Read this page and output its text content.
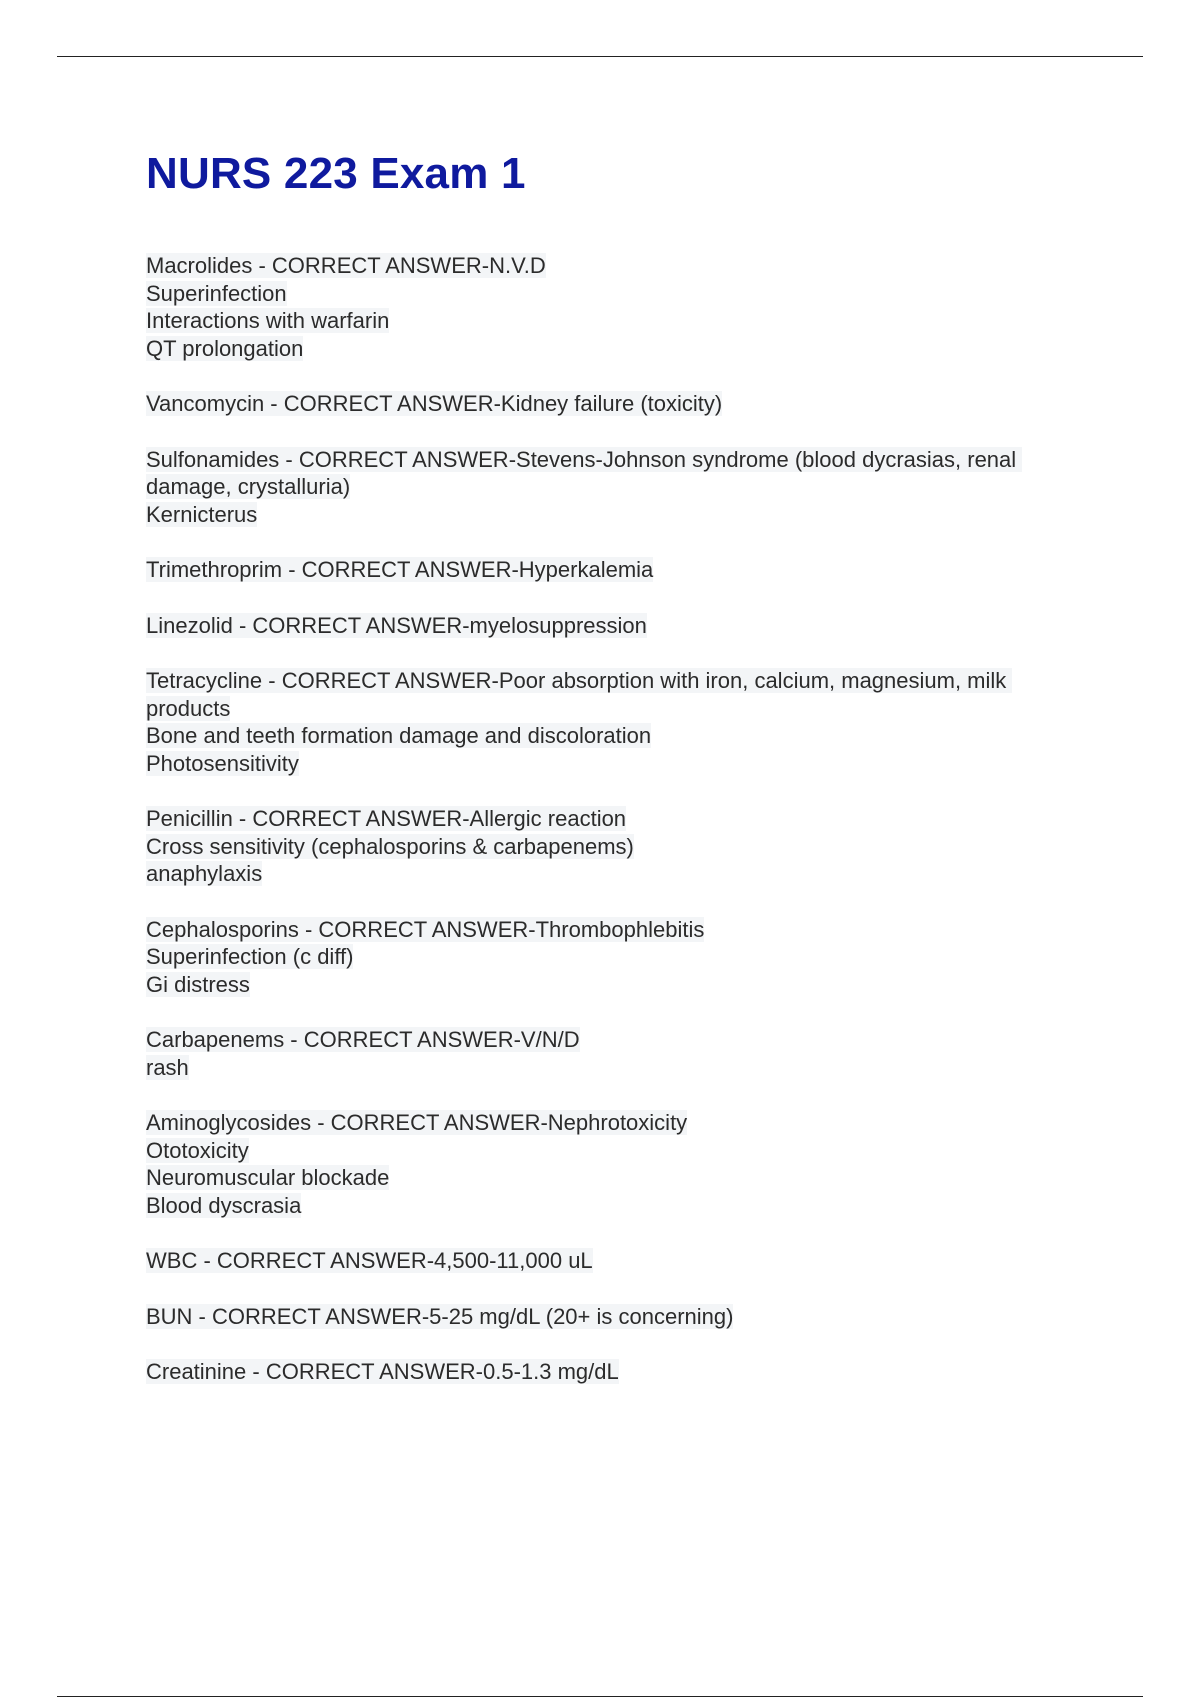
NURS 223 Exam 1
Macrolides - CORRECT ANSWER-N.V.D
Superinfection
Interactions with warfarin
QT prolongation
Vancomycin - CORRECT ANSWER-Kidney failure (toxicity)
Sulfonamides - CORRECT ANSWER-Stevens-Johnson syndrome (blood dycrasias, renal damage, crystalluria)
Kernicterus
Trimethroprim - CORRECT ANSWER-Hyperkalemia
Linezolid - CORRECT ANSWER-myelosuppression
Tetracycline - CORRECT ANSWER-Poor absorption with iron, calcium, magnesium, milk products
Bone and teeth formation damage and discoloration
Photosensitivity
Penicillin - CORRECT ANSWER-Allergic reaction
Cross sensitivity (cephalosporins & carbapenems)
anaphylaxis
Cephalosporins - CORRECT ANSWER-Thrombophlebitis
Superinfection (c diff)
Gi distress
Carbapenems - CORRECT ANSWER-V/N/D
rash
Aminoglycosides - CORRECT ANSWER-Nephrotoxicity
Ototoxicity
Neuromuscular blockade
Blood dyscrasia
WBC - CORRECT ANSWER-4,500-11,000 uL
BUN - CORRECT ANSWER-5-25 mg/dL (20+ is concerning)
Creatinine - CORRECT ANSWER-0.5-1.3 mg/dL
